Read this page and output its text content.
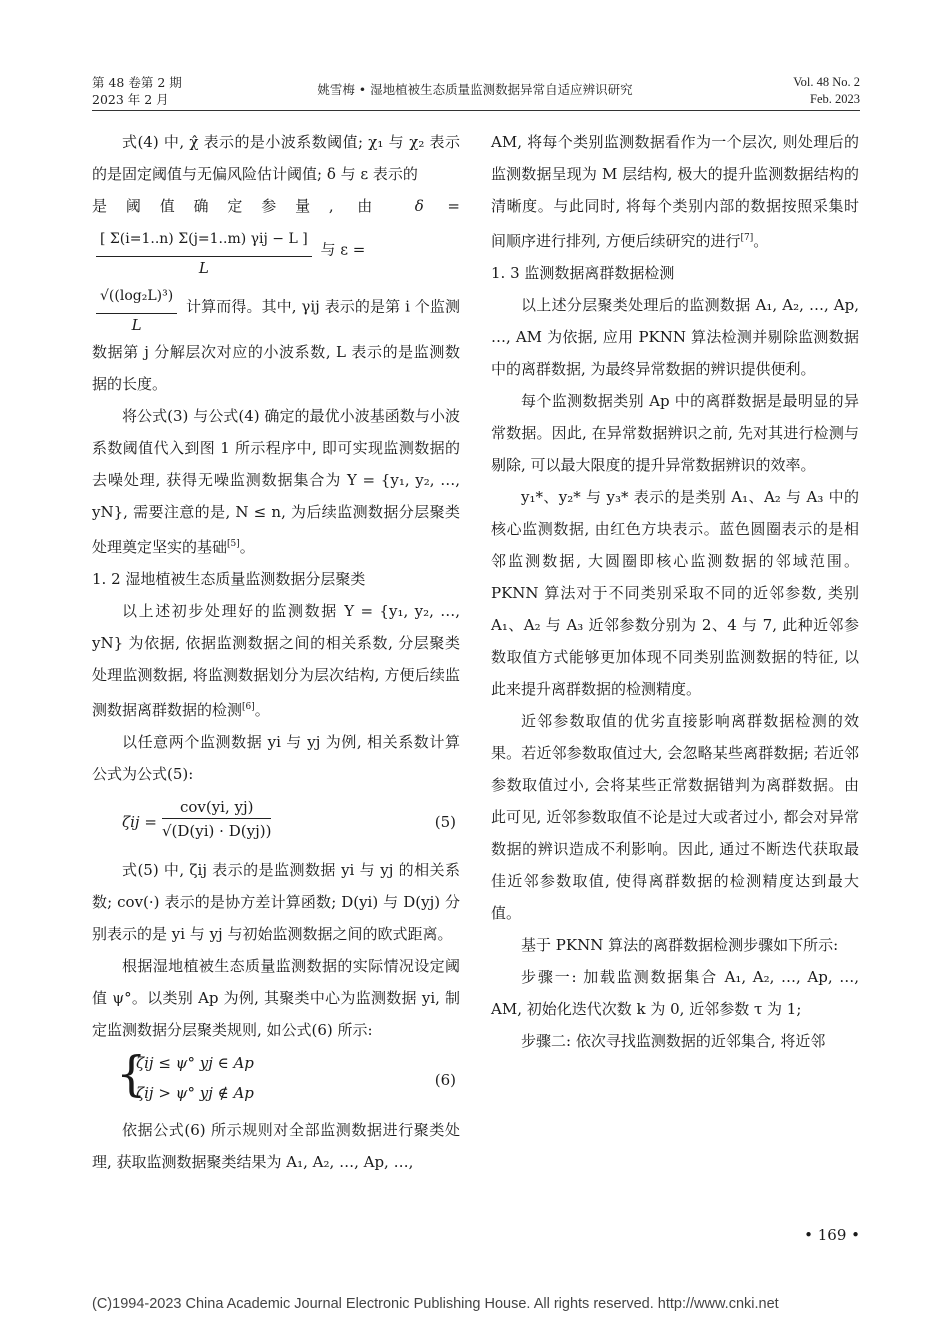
第 48 卷第 2 期
2023 年 2 月
姚雪梅 • 湿地植被生态质量监测数据异常自适应辨识研究	Vol. 48 No. 2
Feb. 2023

式(4) 中, χ̂ 表示的是小波系数阈值; χ₁ 与 χ₂ 表示的是固定阈值与无偏风险估计阈值; δ 与 ε 表示的

是阈值确定参量, 由 δ =
$\frac{\text{[ Σ(i=1..n) Σ(j=1..m) γij − L ]}}{L}$ 与 ε =

$\frac{\text{√((log₂L)³)}}{L}$ 计算而得。其中, γij 表示的是第 i 个监测数据第 j 分解层次对应的小波系数, L 表示的是监测数据的长度。

将公式(3) 与公式(4) 确定的最优小波基函数与小波系数阈值代入到图 1 所示程序中, 即可实现监测数据的去噪处理, 获得无噪监测数据集合为 Y = {y₁, y₂, …, yN}, 需要注意的是, N ≤ n, 为后续监测数据分层聚类处理奠定坚实的基础[5]。

1. 2 湿地植被生态质量监测数据分层聚类

以上述初步处理好的监测数据 Y = {y₁, y₂, …, yN} 为依据, 依据监测数据之间的相关系数, 分层聚类处理监测数据, 将监测数据划分为层次结构, 方便后续监测数据离群数据的检测[6]。

以任意两个监测数据 yi 与 yj 为例, 相关系数计算公式为公式(5):

ζij =
cov(yi, yj)
√(D(yi) · D(yj))	(5)

式(5) 中, ζij 表示的是监测数据 yi 与 yj 的相关系数; cov(·) 表示的是协方差计算函数; D(yi) 与 D(yj) 分别表示的是 yi 与 yj 与初始监测数据之间的欧式距离。

根据湿地植被生态质量监测数据的实际情况设定阈值 ψ°。以类别 Ap 为例, 其聚类中心为监测数据 yi, 制定监测数据分层聚类规则, 如公式(6) 所示:

{
ζij ≤ ψ° yj ∈ Ap
ζij > ψ° yj ∉ Ap
(6)

依据公式(6) 所示规则对全部监测数据进行聚类处理, 获取监测数据聚类结果为 A₁, A₂, …, Ap, …,

AM, 将每个类别监测数据看作为一个层次, 则处理后的监测数据呈现为 M 层结构, 极大的提升监测数据结构的清晰度。与此同时, 将每个类别内部的数据按照采集时间顺序进行排列, 方便后续研究的进行[7]。

1. 3 监测数据离群数据检测

以上述分层聚类处理后的监测数据 A₁, A₂, …, Ap, …, AM 为依据, 应用 PKNN 算法检测并剔除监测数据中的离群数据, 为最终异常数据的辨识提供便利。

每个监测数据类别 Ap 中的离群数据是最明显的异常数据。因此, 在异常数据辨识之前, 先对其进行检测与剔除, 可以最大限度的提升异常数据辨识的效率。

y₁*、y₂* 与 y₃* 表示的是类别 A₁、A₂ 与 A₃ 中的核心监测数据, 由红色方块表示。蓝色圆圈表示的是相邻监测数据, 大圆圈即核心监测数据的邻域范围。PKNN 算法对于不同类别采取不同的近邻参数, 类别 A₁、A₂ 与 A₃ 近邻参数分别为 2、4 与 7, 此种近邻参数取值方式能够更加体现不同类别监测数据的特征, 以此来提升离群数据的检测精度。

近邻参数取值的优劣直接影响离群数据检测的效果。若近邻参数取值过大, 会忽略某些离群数据; 若近邻参数取值过小, 会将某些正常数据错判为离群数据。由此可见, 近邻参数取值不论是过大或者过小, 都会对异常数据的辨识造成不利影响。因此, 通过不断迭代获取最佳近邻参数取值, 使得离群数据的检测精度达到最大值。

基于 PKNN 算法的离群数据检测步骤如下所示:

步骤一: 加载监测数据集合 A₁, A₂, …, Ap, …, AM, 初始化迭代次数 k 为 0, 近邻参数 τ 为 1;

步骤二: 依次寻找监测数据的近邻集合, 将近邻

• 169 •
(C)1994-2023 China Academic Journal Electronic Publishing House. All rights reserved. http://www.cnki.net
